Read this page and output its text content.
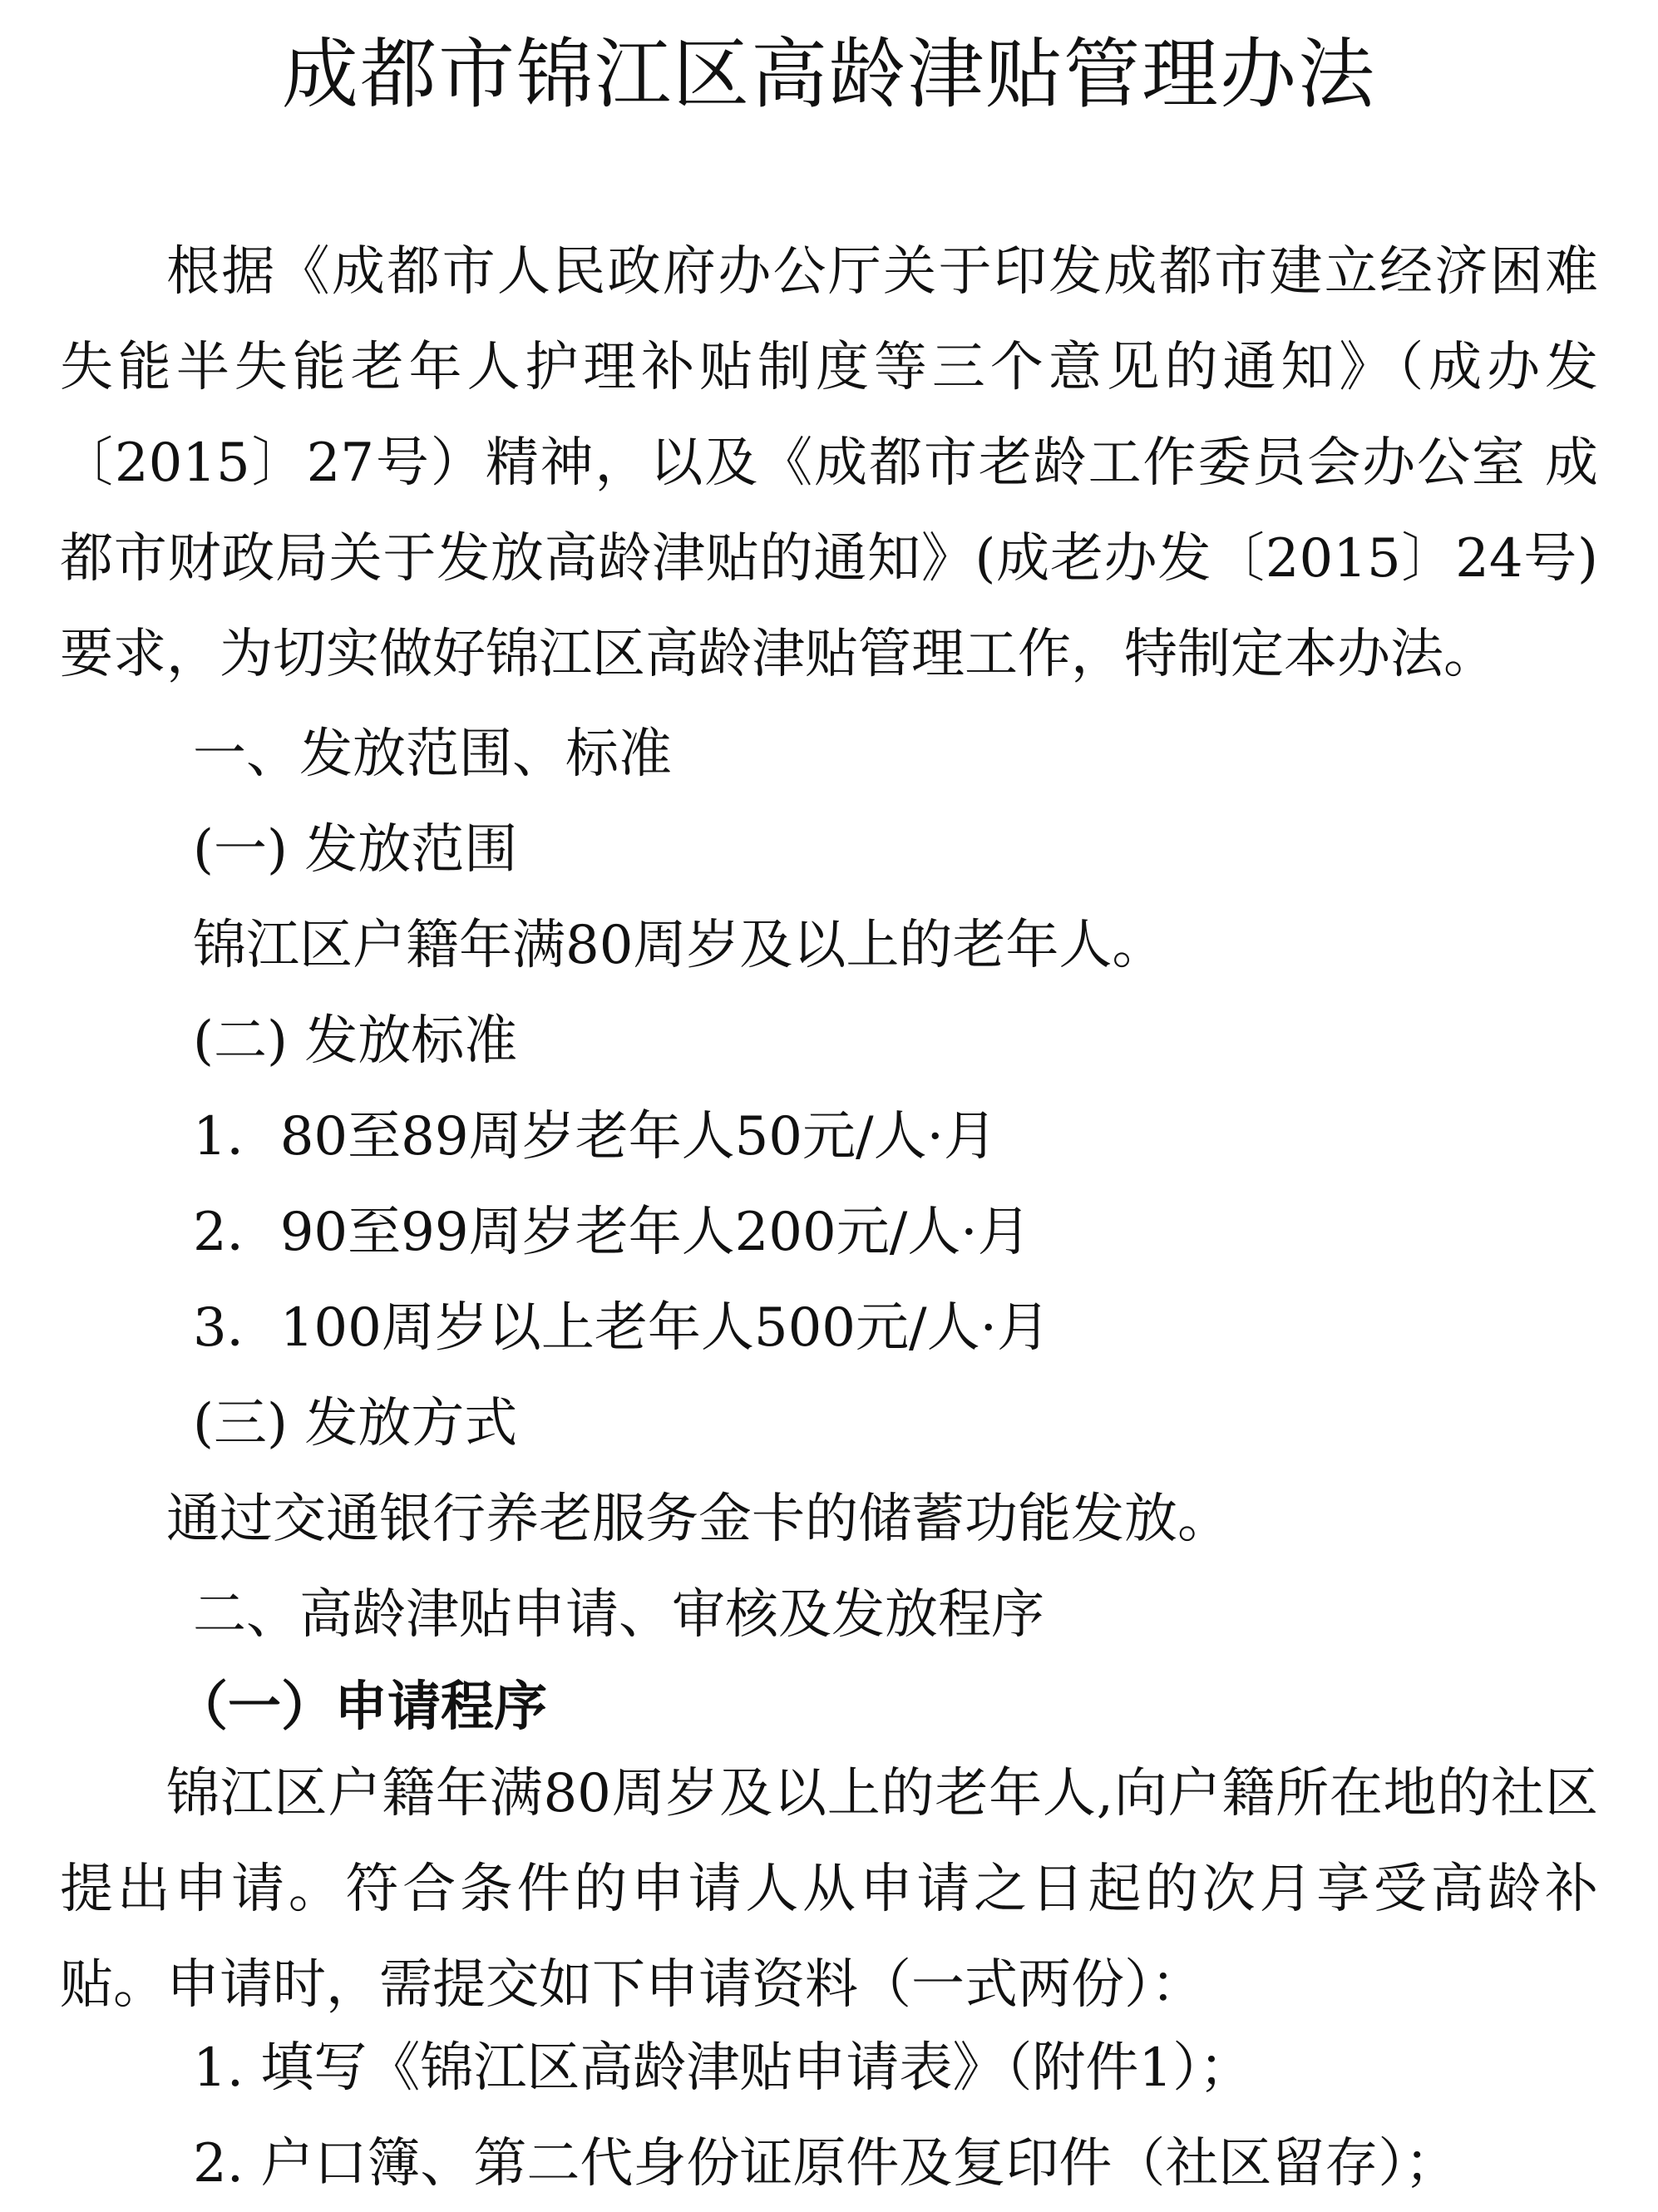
成都市锦江区高龄津贴管理办法
根据《成都市人民政府办公厅关于印发成都市建立经济困难失能半失能老年人护理补贴制度等三个意见的通知》（成办发〔2015〕27号）精神，以及《成都市老龄工作委员会办公室 成都市财政局关于发放高龄津贴的通知》(成老办发〔2015〕24号)要求，为切实做好锦江区高龄津贴管理工作，特制定本办法。
一、发放范围、标准
(一) 发放范围
锦江区户籍年满80周岁及以上的老年人。
(二) 发放标准
1．80至89周岁老年人50元/人·月
2．90至99周岁老年人200元/人·月
3．100周岁以上老年人500元/人·月
(三) 发放方式
通过交通银行养老服务金卡的储蓄功能发放。
二、高龄津贴申请、审核及发放程序
（一）申请程序
锦江区户籍年满80周岁及以上的老年人,向户籍所在地的社区提出申请。符合条件的申请人从申请之日起的次月享受高龄补贴。申请时，需提交如下申请资料（一式两份）：
1. 填写《锦江区高龄津贴申请表》（附件1）；
2. 户口簿、第二代身份证原件及复印件（社区留存）；
